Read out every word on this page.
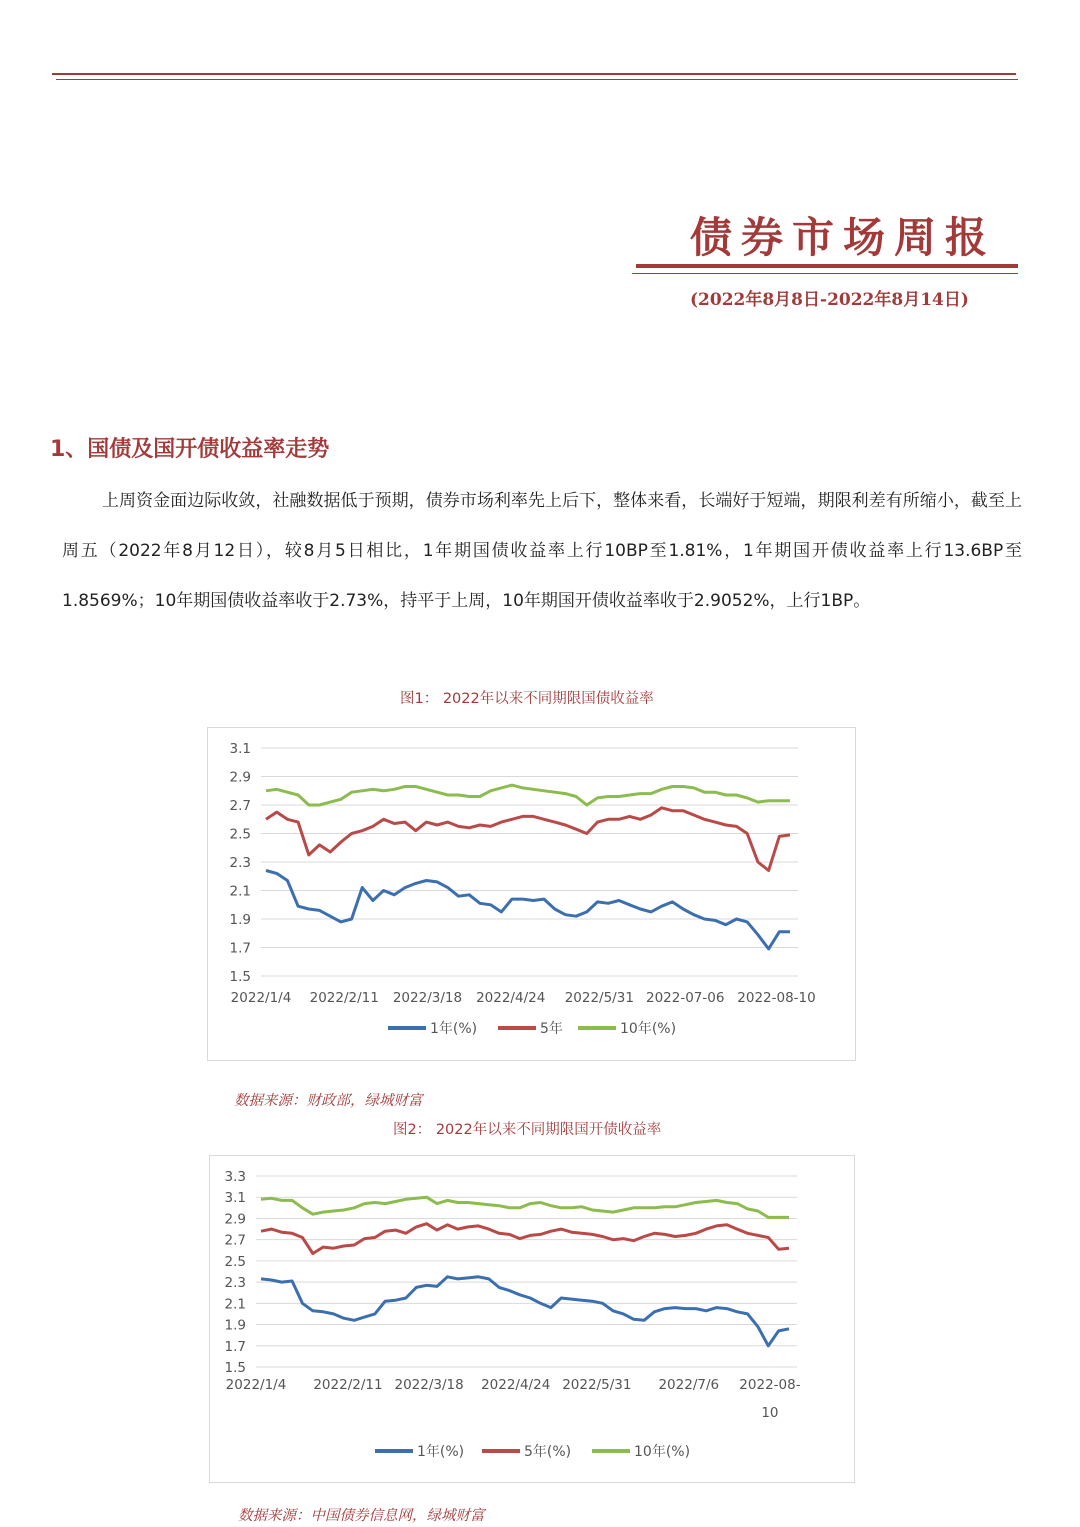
债券市场周报
(2022年8月8日-2022年8月14日)
1、国债及国开债收益率走势
上周资金面边际收敛，社融数据低于预期，债券市场利率先上后下，整体来看，长端好于短端，期限利差有所缩小，截至上周五（2022年8月12日），较8月5日相比，1年期国债收益率上行10BP至1.81%，1年期国开债收益率上行13.6BP至1.8569%；10年期国债收益率收于2.73%，持平于上周，10年期国开债收益率收于2.9052%，上行1BP。
图1： 2022年以来不同期限国债收益率
3.1
2.9
2.7
2.5
2.3
2.1
1.9
1.7
1.5
2022/1/4 2022/2/11 2022/3/18 2022/4/24 2022/5/31 2022-07-06 2022-08-10
1年(%)	5年	10年(%)
数据来源：财政部，绿城财富
图2： 2022年以来不同期限国开债收益率
3.3
3.1
2.9
2.7
2.5
2.3
2.1
1.9
1.7
1.5
2022/1/4 2022/2/11 2022/3/18 2022/4/24 2022/5/31 2022/7/6 2022-08-
10
1年(%)	5年(%)	10年(%)
数据来源：中国债券信息网，绿城财富
